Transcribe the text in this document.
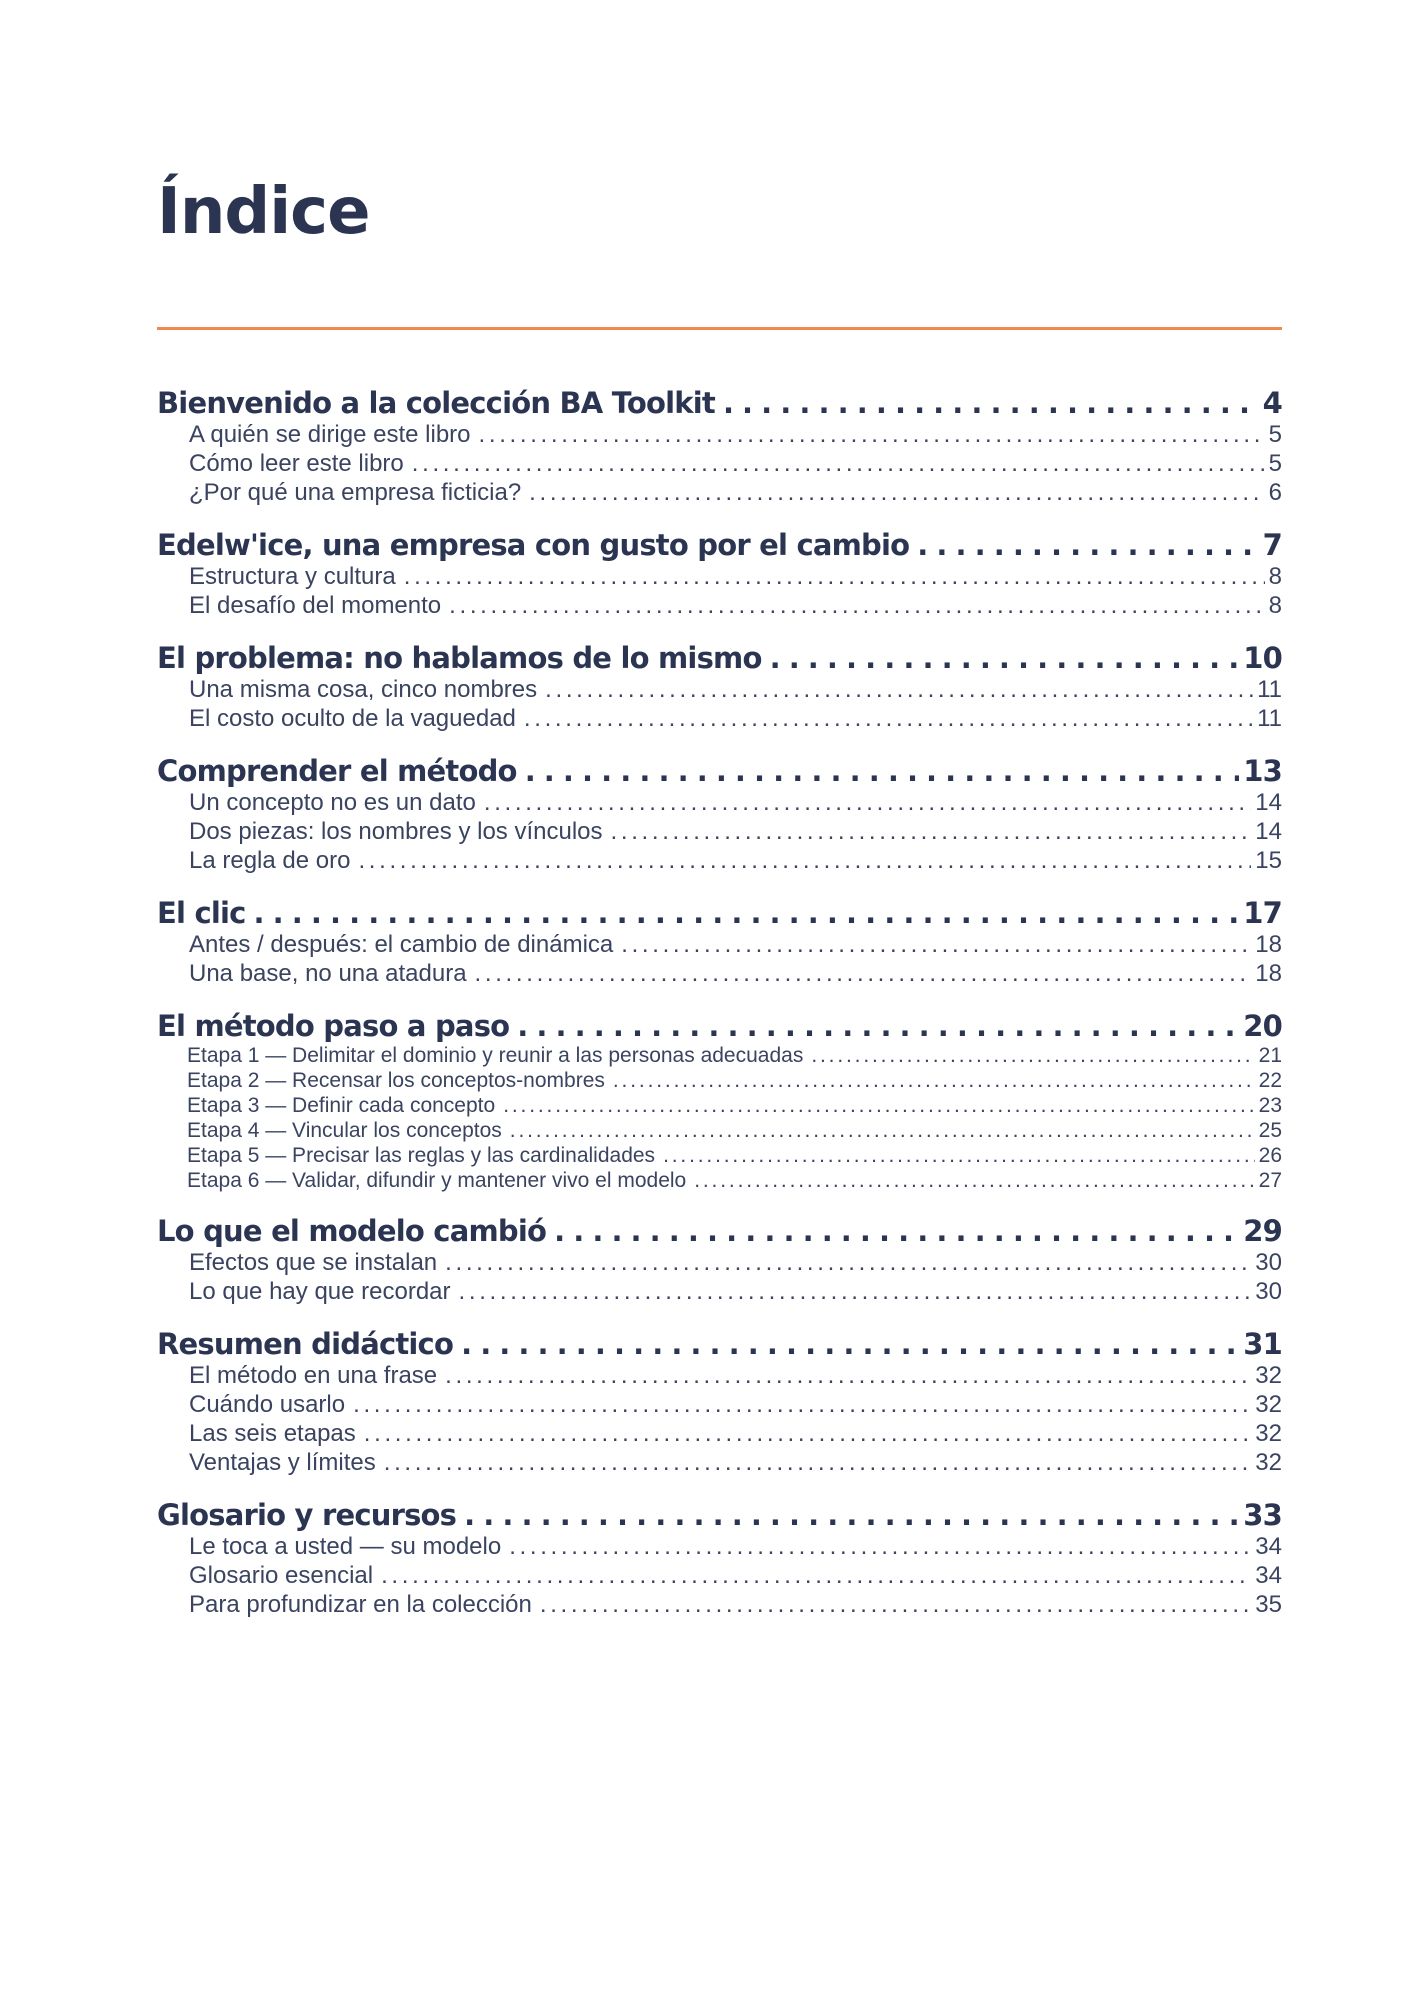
Índice
Bienvenido a la colección BA Toolkit . . .	4
A quién se dirige este libro . . .	5
Cómo leer este libro . . .	5
¿Por qué una empresa ficticia? . . .	6
Edelw'ice, una empresa con gusto por el cambio . . .	7
Estructura y cultura . . .	8
El desafío del momento . . .	8
El problema: no hablamos de lo mismo . . .	10
Una misma cosa, cinco nombres . . .	11
El costo oculto de la vaguedad . . .	11
Comprender el método . . .	13
Un concepto no es un dato . . .	14
Dos piezas: los nombres y los vínculos . . .	14
La regla de oro . . .	15
El clic . . .	17
Antes / después: el cambio de dinámica . . .	18
Una base, no una atadura . . .	18
El método paso a paso . . .	20
Etapa 1 — Delimitar el dominio y reunir a las personas adecuadas . . .	21
Etapa 2 — Recensar los conceptos-nombres . . .	22
Etapa 3 — Definir cada concepto . . .	23
Etapa 4 — Vincular los conceptos . . .	25
Etapa 5 — Precisar las reglas y las cardinalidades . . .	26
Etapa 6 — Validar, difundir y mantener vivo el modelo . . .	27
Lo que el modelo cambió . . .	29
Efectos que se instalan . . .	30
Lo que hay que recordar . . .	30
Resumen didáctico . . .	31
El método en una frase . . .	32
Cuándo usarlo . . .	32
Las seis etapas . . .	32
Ventajas y límites . . .	32
Glosario y recursos . . .	33
Le toca a usted — su modelo . . .	34
Glosario esencial . . .	34
Para profundizar en la colección . . .	35
